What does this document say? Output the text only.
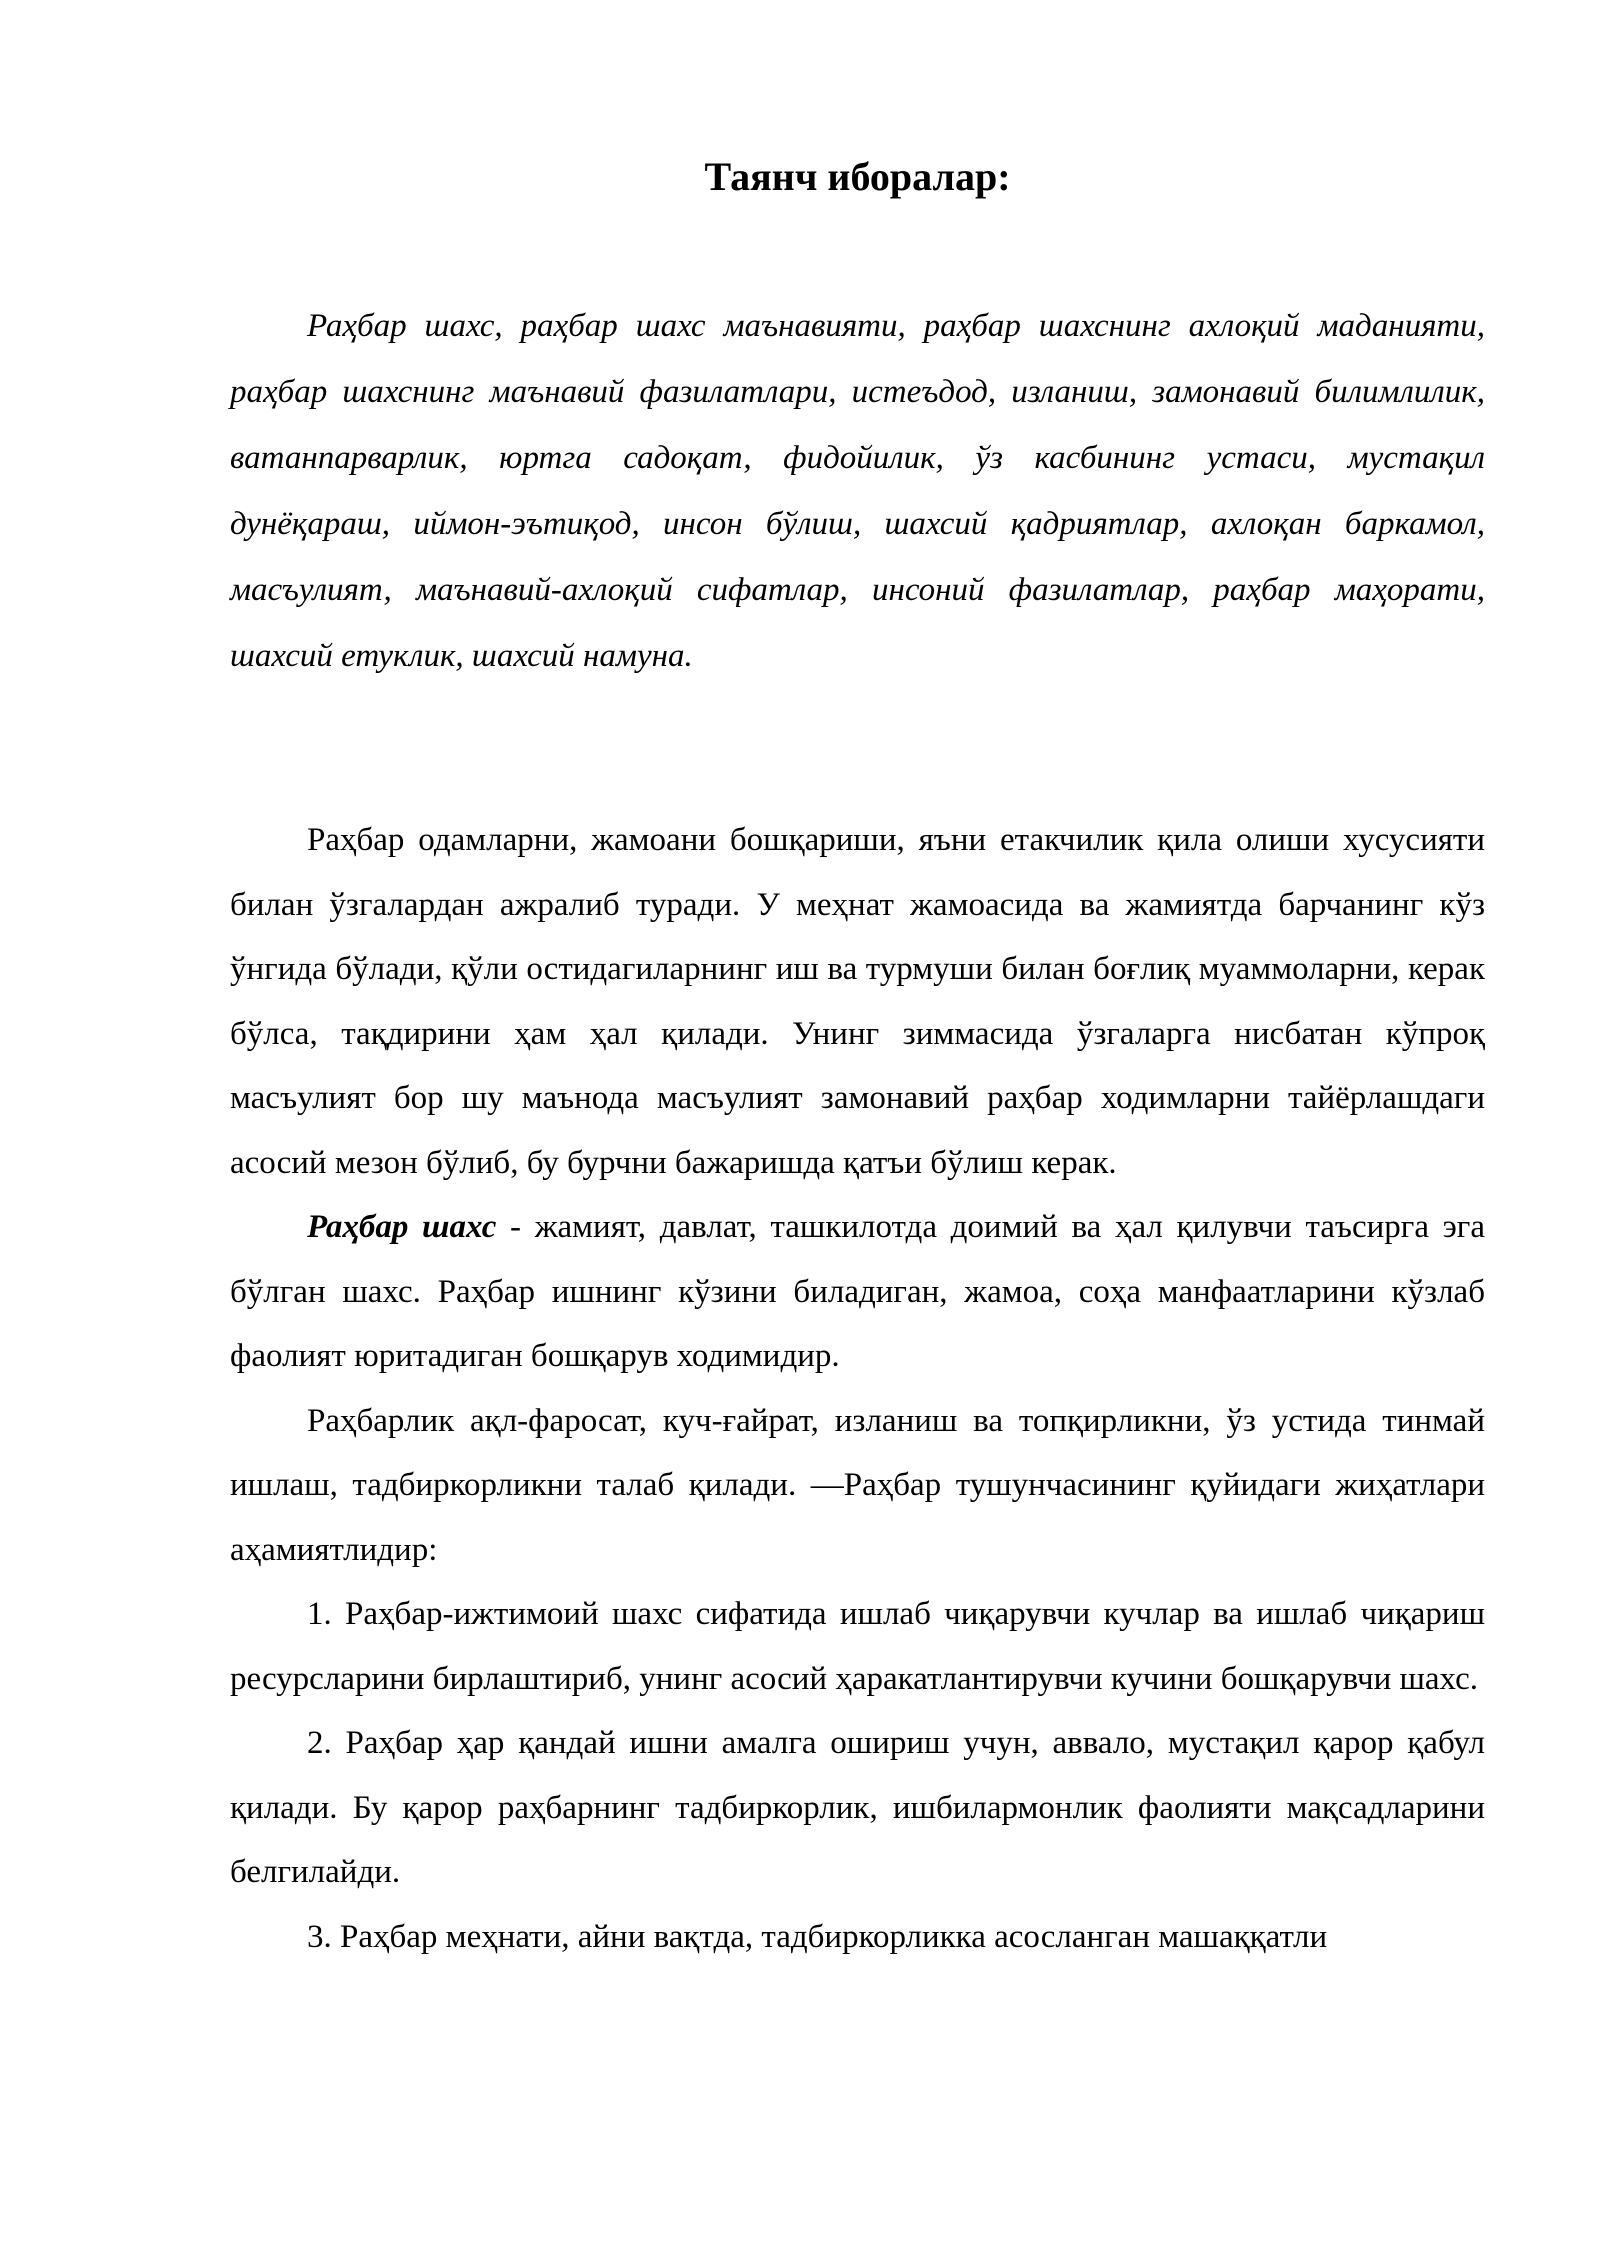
Таянч иборалар:

Раҳбар шахс, раҳбар шахс маънавияти, раҳбар шахснинг ахлоқий маданияти, раҳбар шахснинг маънавий фазилатлари, истеъдод, изланиш, замонавий билимлилик, ватанпарварлик, юртга садоқат, фидойилик, ўз касбининг устаси, мустақил дунёқараш, иймон-эътиқод, инсон бўлиш, шахсий қадриятлар, ахлоқан баркамол, масъулият, маънавий-ахлоқий сифатлар, инсоний фазилатлар, раҳбар маҳорати, шахсий етуклик, шахсий намуна.

Раҳбар одамларни, жамоани бошқариши, яъни етакчилик қила олиши хусусияти билан ўзгалардан ажралиб туради. У меҳнат жамоасида ва жамиятда барчанинг кўз ўнгида бўлади, қўли остидагиларнинг иш ва турмуши билан боғлиқ муаммоларни, керак бўлса, тақдирини ҳам ҳал қилади. Унинг зиммасида ўзгаларга нисбатан кўпроқ масъулият бор шу маънода масъулият замонавий раҳбар ходимларни тайёрлашдаги асосий мезон бўлиб, бу бурчни бажаришда қатъи бўлиш керак.

Раҳбар шахс - жамият, давлат, ташкилотда доимий ва ҳал қилувчи таъсирга эга бўлган шахс. Раҳбар ишнинг кўзини биладиган, жамоа, соҳа манфаатларини кўзлаб фаолият юритадиган бошқарув ходимидир.

Раҳбарлик ақл-фаросат, куч-ғайрат, изланиш ва топқирликни, ўз устида тинмай ишлаш, тадбиркорликни талаб қилади. ―Раҳбар тушунчасининг қуйидаги жиҳатлари аҳамиятлидир:

1. Раҳбар-ижтимоий шахс сифатида ишлаб чиқарувчи кучлар ва ишлаб чиқариш ресурсларини бирлаштириб, унинг асосий ҳаракатлантирувчи кучини бошқарувчи шахс.

2. Раҳбар ҳар қандай ишни амалга ошириш учун, аввало, мустақил қарор қабул қилади. Бу қарор раҳбарнинг тадбиркорлик, ишбилармонлик фаолияти мақсадларини белгилайди.

3. Раҳбар меҳнати, айни вақтда, тадбиркорликка асосланган машаққатли
